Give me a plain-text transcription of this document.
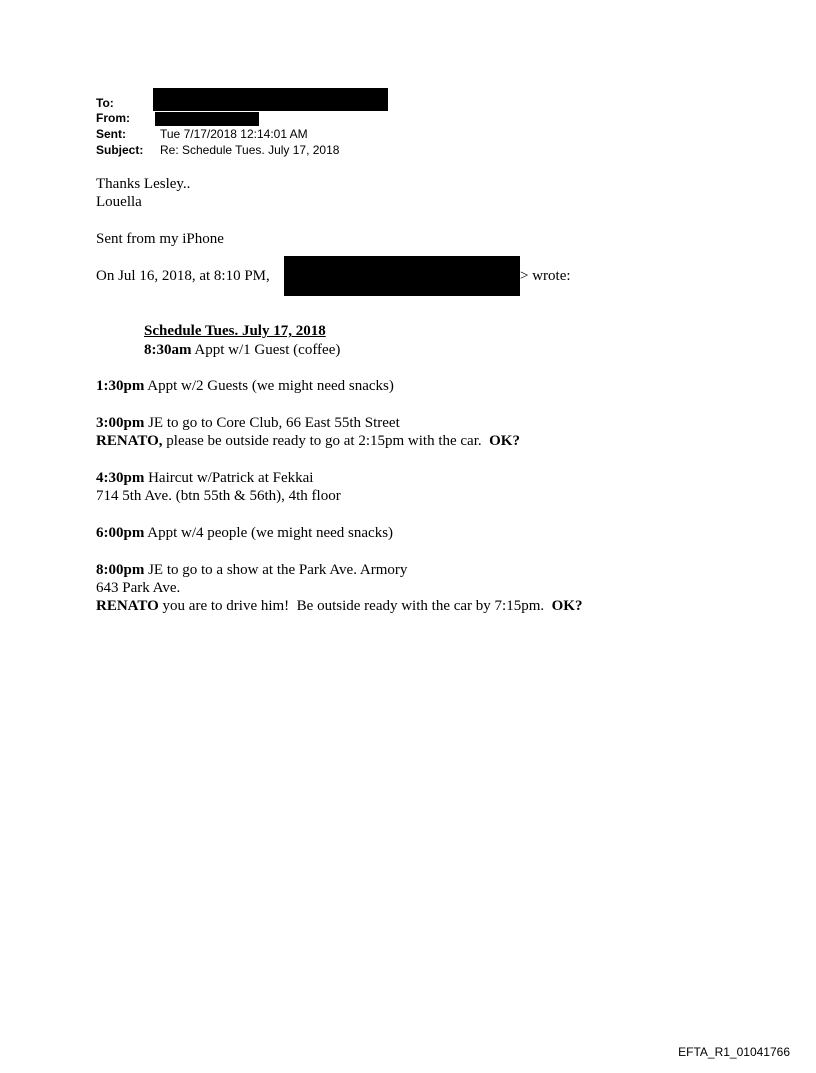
To:
From:
Sent:	Tue 7/17/2018 12:14:01 AM
Subject: Re: Schedule Tues. July 17, 2018
Thanks Lesley..
Louella
Sent from my iPhone
On Jul 16, 2018, at 8:10 PM,	> wrote:
Schedule Tues. July 17, 2018
8:30am Appt w/1 Guest (coffee)
1:30pm Appt w/2 Guests (we might need snacks)
3:00pm JE to go to Core Club, 66 East 55th Street
RENATO, please be outside ready to go at 2:15pm with the car.  OK?
4:30pm Haircut w/Patrick at Fekkai
714 5th Ave. (btn 55th & 56th), 4th floor
6:00pm Appt w/4 people (we might need snacks)
8:00pm JE to go to a show at the Park Ave. Armory
643 Park Ave.
RENATO you are to drive him!  Be outside ready with the car by 7:15pm.  OK?
EFTA_R1_01041766
